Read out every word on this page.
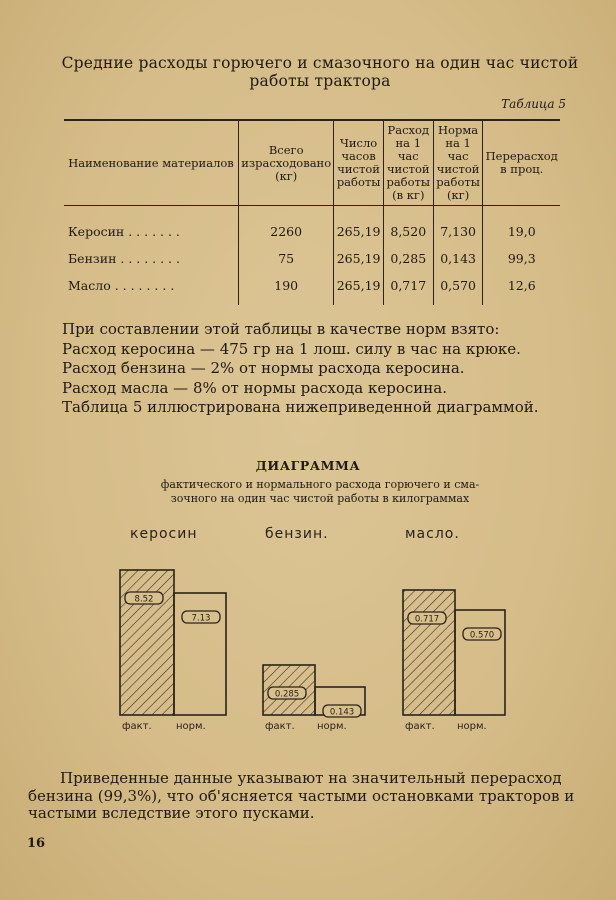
Средние расходы горючего и смазочного на один час чистой
работы трактора
Таблица 5
Наименование материалов	Всего израсходовано (кг)	Число часов чистой работы	Расход на 1 час чистой работы (в кг)	Норма на 1 час чистой работы (кг)	Перерасход в проц.
Керосин . . . . . . .	2260	265,19	8,520	7,130	19,0
Бензин . . . . . . . .	75	265,19	0,285	0,143	99,3
Масло . . . . . . . .	190	265,19	0,717	0,570	12,6

При составлении этой таблицы в качестве норм взято:

Расход керосина — 475 гр на 1 лош. силу в час на крюке.

Расход бензина — 2% от нормы расхода керосина.

Расход масла — 8% от нормы расхода керосина.

Таблица 5 иллюстрирована нижеприведенной диаграммой.

ДИАГРАММА
фактического и нормального расхода горючего и сма-
зочного на один час чистой работы в килограммах
керосин
8.52
7.13
факт. норм.
бензин.
0.285
0.143
факт. норм.
масло.
0.717
0.570
факт. норм.

Приведенные данные указывают на значительный перерасход

бензина (99,3%), что об'ясняется частыми остановками тракторов и

частыми вследствие этого пусками.

16
